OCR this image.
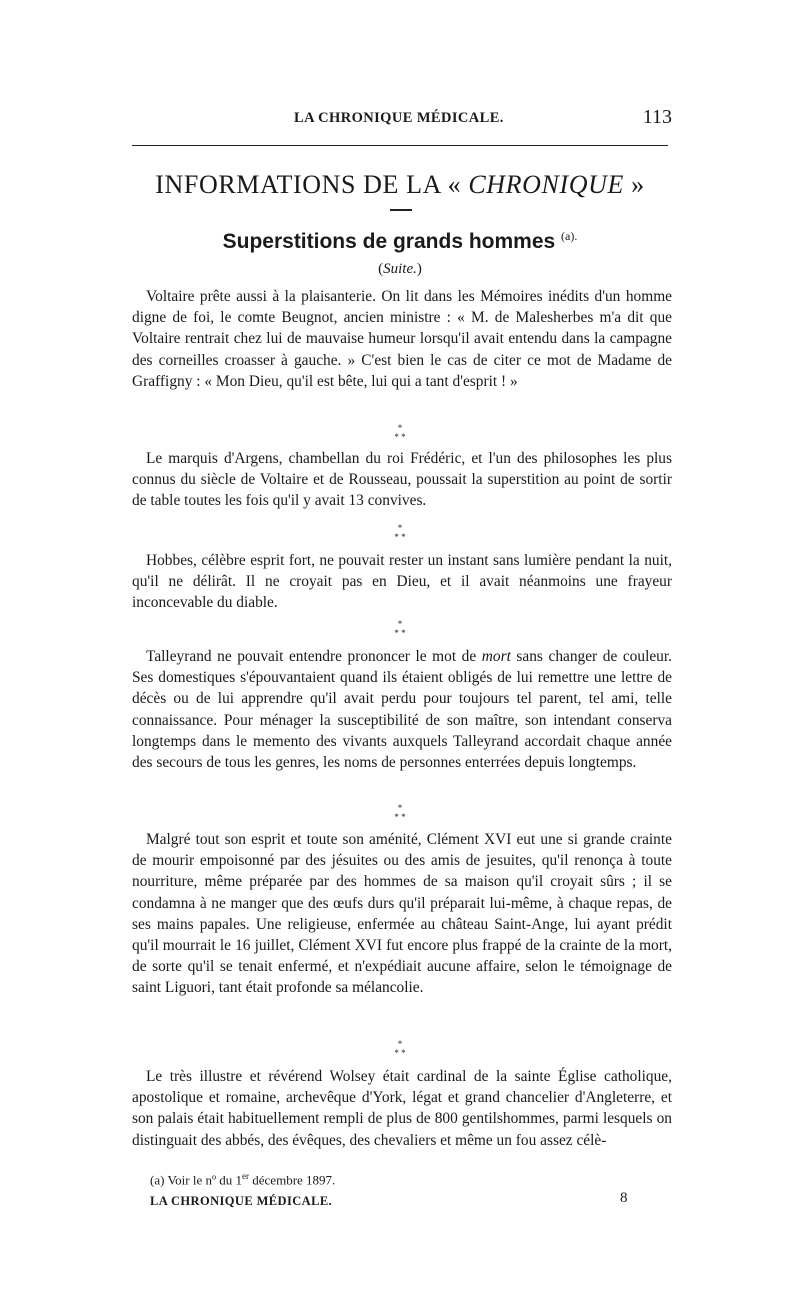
LA CHRONIQUE MÉDICALE.	113
INFORMATIONS DE LA « CHRONIQUE »
Superstitions de grands hommes $^{(a).}$
(Suite.)

Voltaire prête aussi à la plaisanterie. On lit dans les Mémoires inédits d'un homme digne de foi, le comte Beugnot, ancien ministre : « M. de Malesherbes m'a dit que Voltaire rentrait chez lui de mauvaise humeur lorsqu'il avait entendu dans la campagne des corneilles croasser à gauche. » C'est bien le cas de citer ce mot de Madame de Graffigny : « Mon Dieu, qu'il est bête, lui qui a tant d'esprit ! »

*
* *

Le marquis d'Argens, chambellan du roi Frédéric, et l'un des philosophes les plus connus du siècle de Voltaire et de Rousseau, poussait la superstition au point de sortir de table toutes les fois qu'il y avait 13 convives.

*
* *

Hobbes, célèbre esprit fort, ne pouvait rester un instant sans lumière pendant la nuit, qu'il ne délirât. Il ne croyait pas en Dieu, et il avait néanmoins une frayeur inconcevable du diable.

*
* *

Talleyrand ne pouvait entendre prononcer le mot de mort sans changer de couleur. Ses domestiques s'épouvantaient quand ils étaient obligés de lui remettre une lettre de décès ou de lui apprendre qu'il avait perdu pour toujours tel parent, tel ami, telle connaissance. Pour ménager la susceptibilité de son maître, son intendant conserva longtemps dans le memento des vivants auxquels Talleyrand accordait chaque année des secours de tous les genres, les noms de personnes enterrées depuis longtemps.

*
* *

Malgré tout son esprit et toute son aménité, Clément XVI eut une si grande crainte de mourir empoisonné par des jésuites ou des amis de jesuites, qu'il renonça à toute nourriture, même préparée par des hommes de sa maison qu'il croyait sûrs ; il se condamna à ne manger que des œufs durs qu'il préparait lui-même, à chaque repas, de ses mains papales. Une religieuse, enfermée au château Saint-Ange, lui ayant prédit qu'il mourrait le 16 juillet, Clément XVI fut encore plus frappé de la crainte de la mort, de sorte qu'il se tenait enfermé, et n'expédiait aucune affaire, selon le témoignage de saint Liguori, tant était profonde sa mélancolie.

*
* *

Le très illustre et révérend Wolsey était cardinal de la sainte Église catholique, apostolique et romaine, archevêque d'York, légat et grand chancelier d'Angleterre, et son palais était habituellement rempli de plus de 800 gentilshommes, parmi lesquels on distinguait des abbés, des évêques, des chevaliers et même un fou assez célè-

(a) Voir le nº du 1er décembre 1897.
LA CHRONIQUE MÉDICALE.	8
